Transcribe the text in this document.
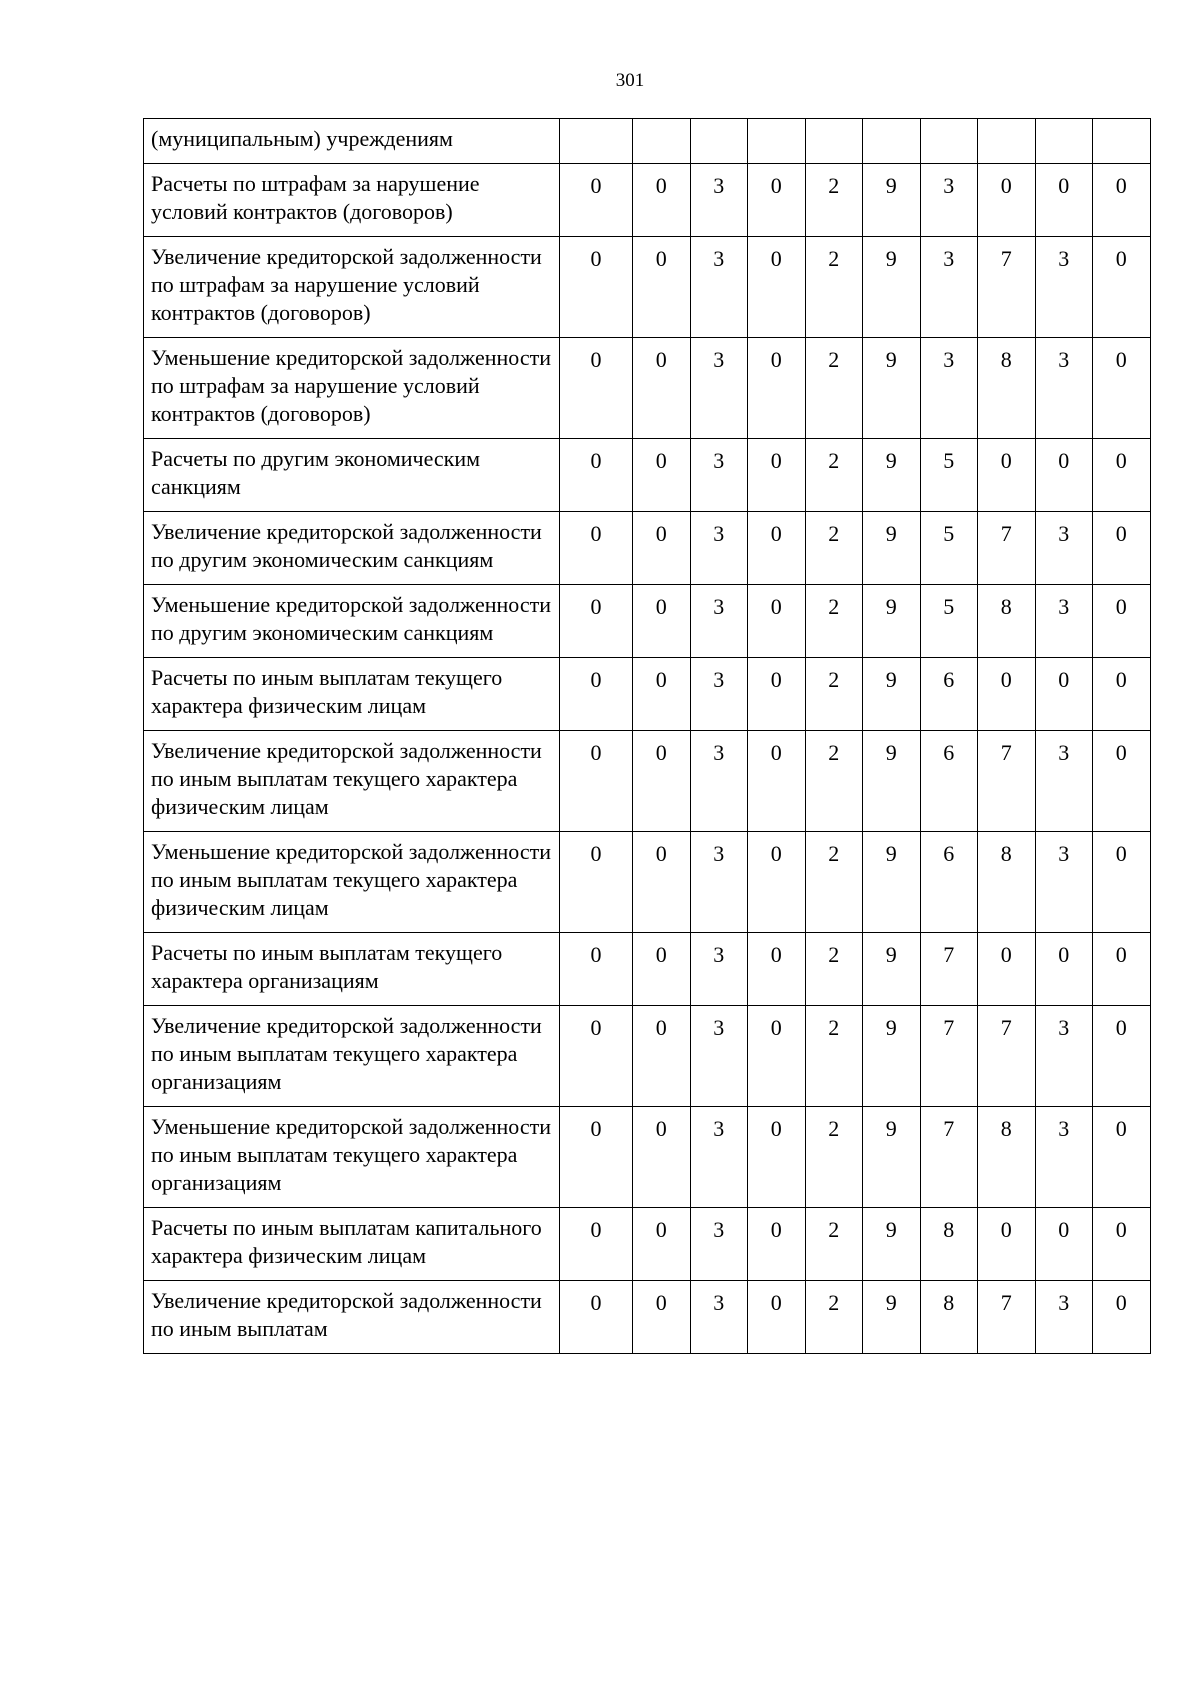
301
(муниципальным) учреждениям										
Расчеты по штрафам за нарушение условий контрактов (договоров)	0	0	3	0	2	9	3	0	0	0
Увеличение кредиторской задолженности по штрафам за нарушение условий контрактов (договоров)	0	0	3	0	2	9	3	7	3	0
Уменьшение кредиторской задолженности по штрафам за нарушение условий контрактов (договоров)	0	0	3	0	2	9	3	8	3	0
Расчеты по другим экономическим санкциям	0	0	3	0	2	9	5	0	0	0
Увеличение кредиторской задолженности по другим экономическим санкциям	0	0	3	0	2	9	5	7	3	0
Уменьшение кредиторской задолженности по другим экономическим санкциям	0	0	3	0	2	9	5	8	3	0
Расчеты по иным выплатам текущего характера физическим лицам	0	0	3	0	2	9	6	0	0	0
Увеличение кредиторской задолженности по иным выплатам текущего характера физическим лицам	0	0	3	0	2	9	6	7	3	0
Уменьшение кредиторской задолженности по иным выплатам текущего характера физическим лицам	0	0	3	0	2	9	6	8	3	0
Расчеты по иным выплатам текущего характера организациям	0	0	3	0	2	9	7	0	0	0
Увеличение кредиторской задолженности по иным выплатам текущего характера организациям	0	0	3	0	2	9	7	7	3	0
Уменьшение кредиторской задолженности по иным выплатам текущего характера организациям	0	0	3	0	2	9	7	8	3	0
Расчеты по иным выплатам капитального характера физическим лицам	0	0	3	0	2	9	8	0	0	0
Увеличение кредиторской задолженности по иным выплатам	0	0	3	0	2	9	8	7	3	0
